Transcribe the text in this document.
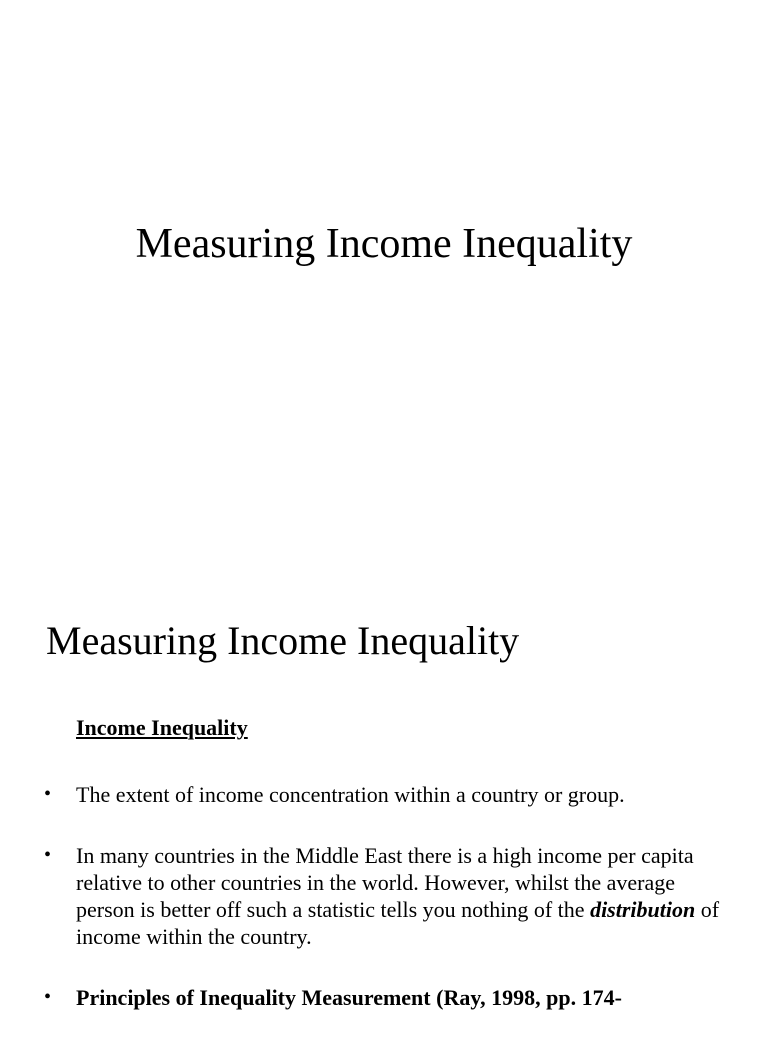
Measuring Income Inequality
Measuring Income Inequality
Income Inequality
• The extent of income concentration within a country or group.
• In many countries in the Middle East there is a high income per capita relative to other countries in the world. However, whilst the average person is better off such a statistic tells you nothing of the distribution of income within the country.
• Principles of Inequality Measurement (Ray, 1998, pp. 174-
